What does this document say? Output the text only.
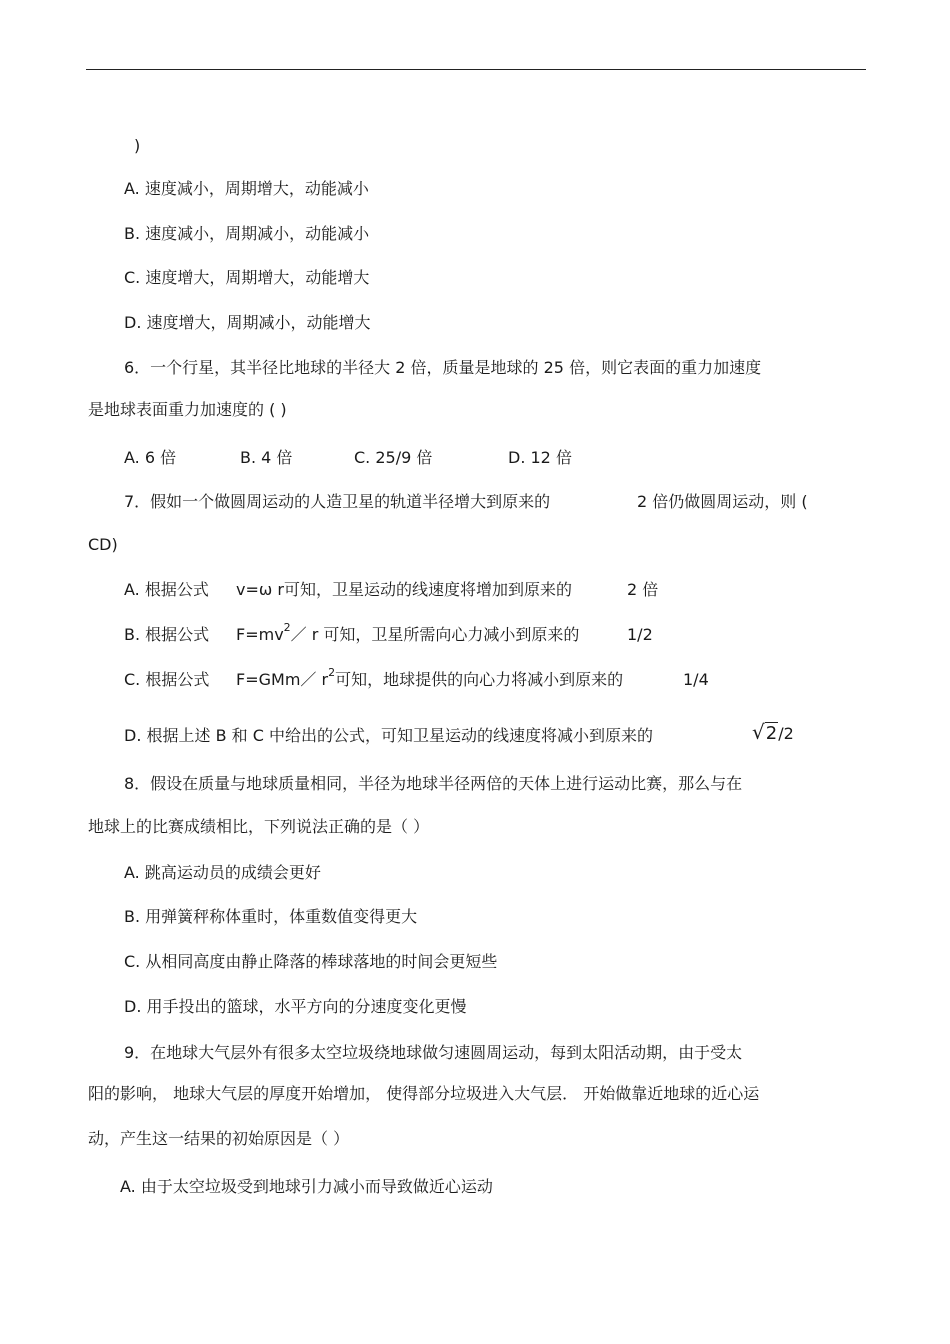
)
A. 速度减小，周期增大，动能减小
B. 速度减小，周期减小，动能减小
C. 速度增大，周期增大，动能增大
D. 速度增大，周期减小，动能增大
6．一个行星，其半径比地球的半径大 2 倍，质量是地球的 25 倍，则它表面的重力加速度
是地球表面重力加速度的 ( )
A. 6 倍	B. 4 倍	C. 25/9 倍	D. 12 倍
7．假如一个做圆周运动的人造卫星的轨道半径增大到原来的	2 倍仍做圆周运动，则 (
CD)
A. 根据公式 v=ω r可知，卫星运动的线速度将增加到原来的	2 倍
B. 根据公式 $F=mv^2/$ r 可知，卫星所需向心力减小到原来的	1/2
C. 根据公式 F=GMm／ $r^2$可知，地球提供的向心力将减小到原来的	1/4
D. 根据上述 B 和 C 中给出的公式，可知卫星运动的线速度将减小到原来的	√2/2
8．假设在质量与地球质量相同，半径为地球半径两倍的天体上进行运动比赛，那么与在
地球上的比赛成绩相比，下列说法正确的是（ ）
A. 跳高运动员的成绩会更好
B. 用弹簧秤称体重时，体重数值变得更大
C. 从相同高度由静止降落的棒球落地的时间会更短些
D. 用手投出的篮球，水平方向的分速度变化更慢
9．在地球大气层外有很多太空垃圾绕地球做匀速圆周运动，每到太阳活动期，由于受太
阳的影响， 地球大气层的厚度开始增加， 使得部分垃圾进入大气层． 开始做靠近地球的近心运
动，产生这一结果的初始原因是（ ）
A. 由于太空垃圾受到地球引力减小而导致做近心运动
